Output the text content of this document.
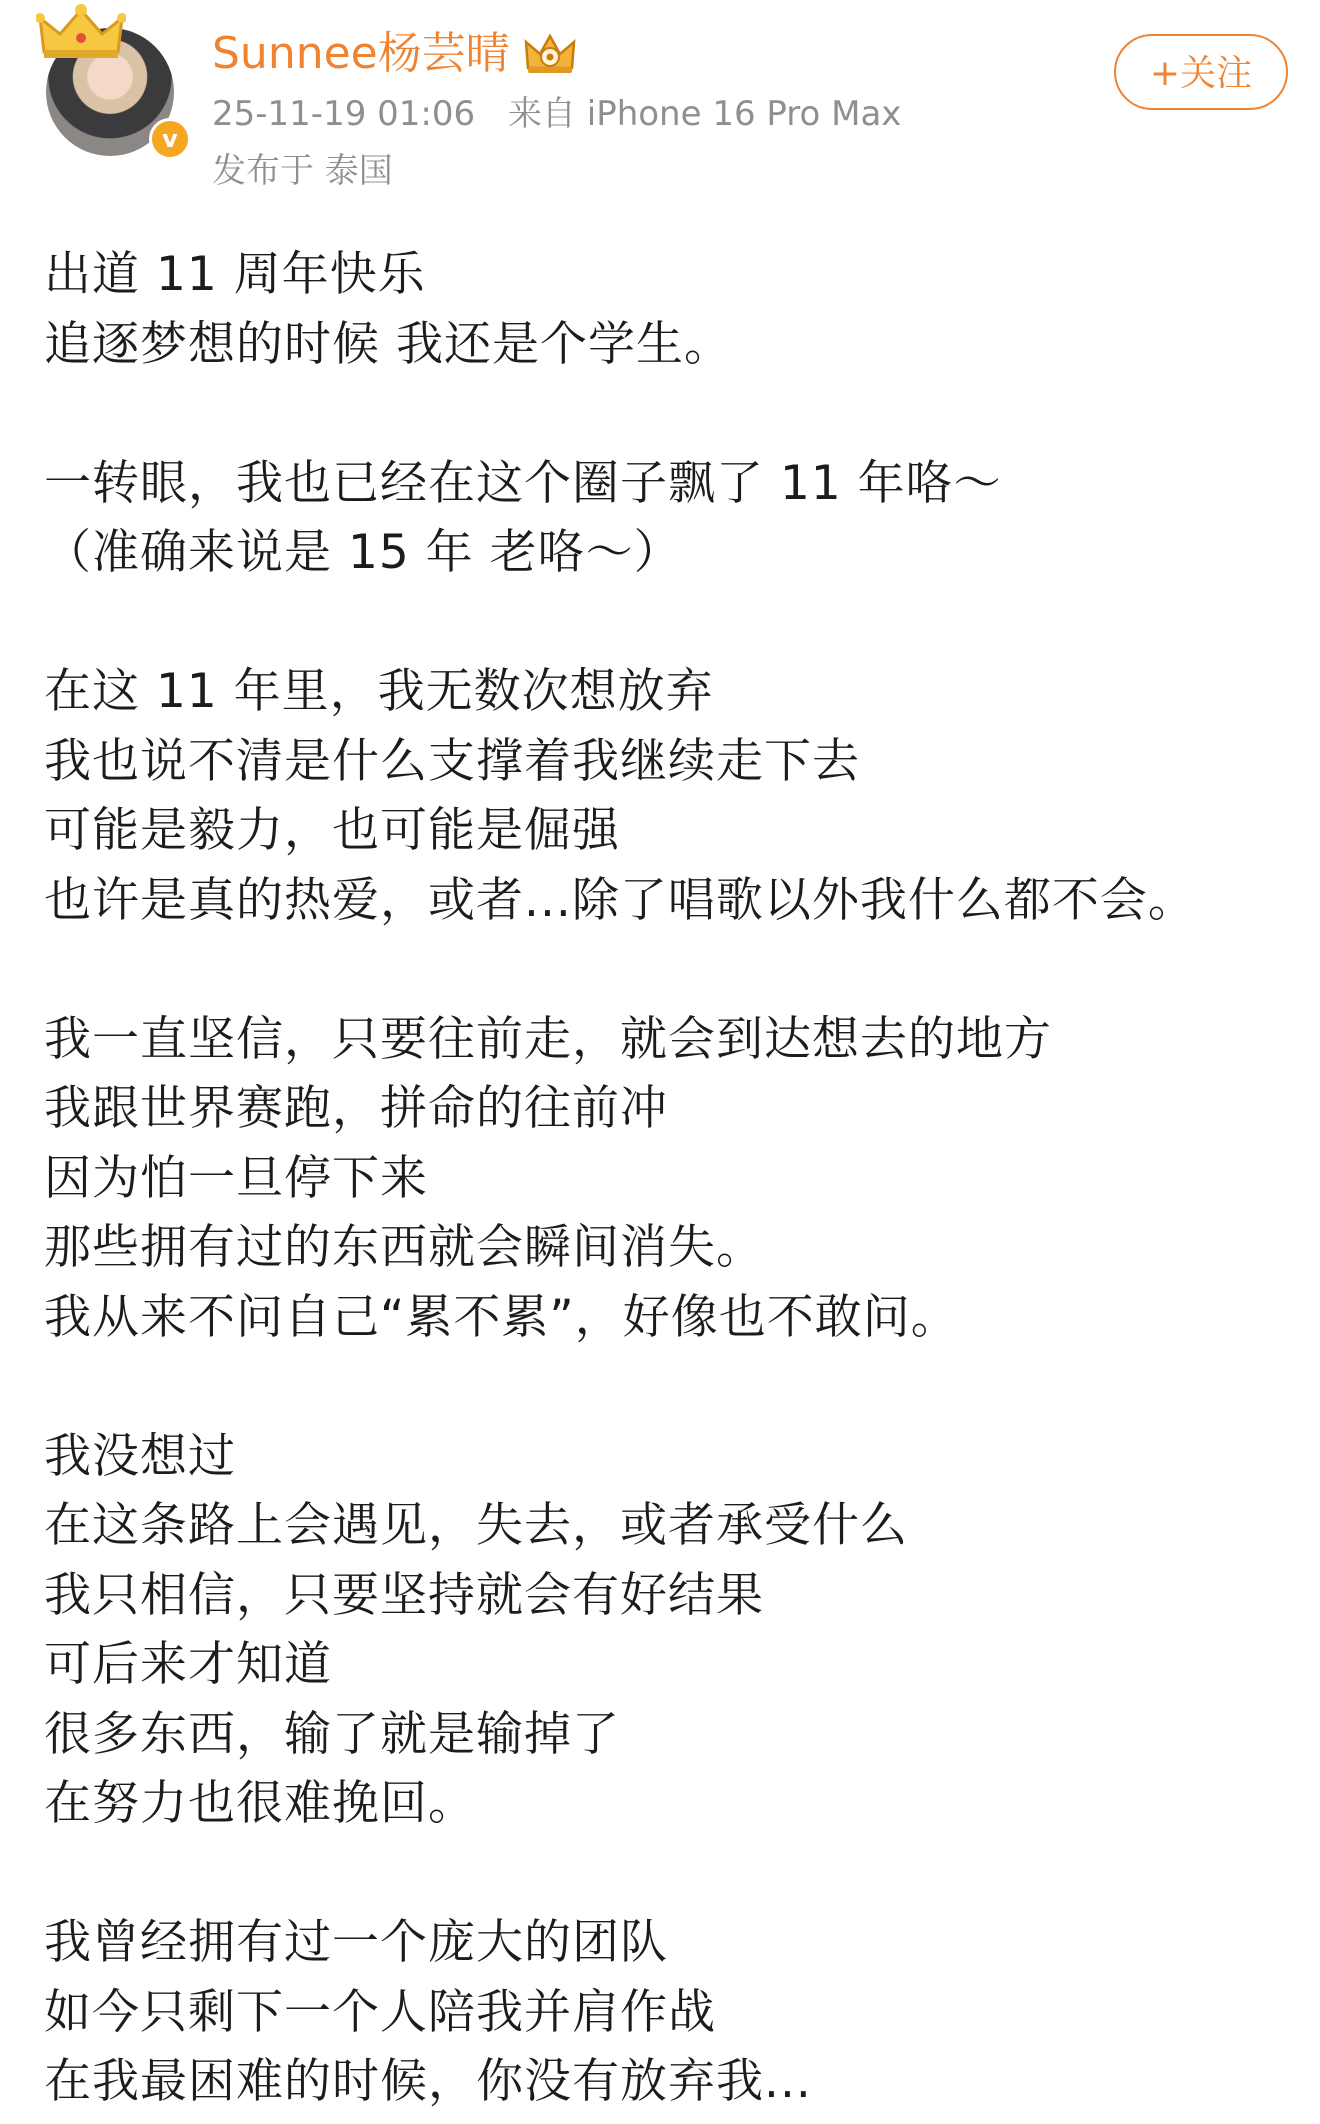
v
Sunnee杨芸晴
25-11-19 01:06 来自 iPhone 16 Pro Max
发布于 泰国
+关注
出道 11 周年快乐
追逐梦想的时候 我还是个学生。
一转眼，我也已经在这个圈子飘了 11 年咯～
（准确来说是 15 年 老咯～）
在这 11 年里，我无数次想放弃
我也说不清是什么支撑着我继续走下去
可能是毅力，也可能是倔强
也许是真的热爱，或者...除了唱歌以外我什么都不会。
我一直坚信，只要往前走，就会到达想去的地方
我跟世界赛跑，拼命的往前冲
因为怕一旦停下来
那些拥有过的东西就会瞬间消失。
我从来不问自己“累不累”，好像也不敢问。
我没想过
在这条路上会遇见，失去，或者承受什么
我只相信，只要坚持就会有好结果
可后来才知道
很多东西，输了就是输掉了
在努力也很难挽回。
我曾经拥有过一个庞大的团队
如今只剩下一个人陪我并肩作战
在我最困难的时候，你没有放弃我...
